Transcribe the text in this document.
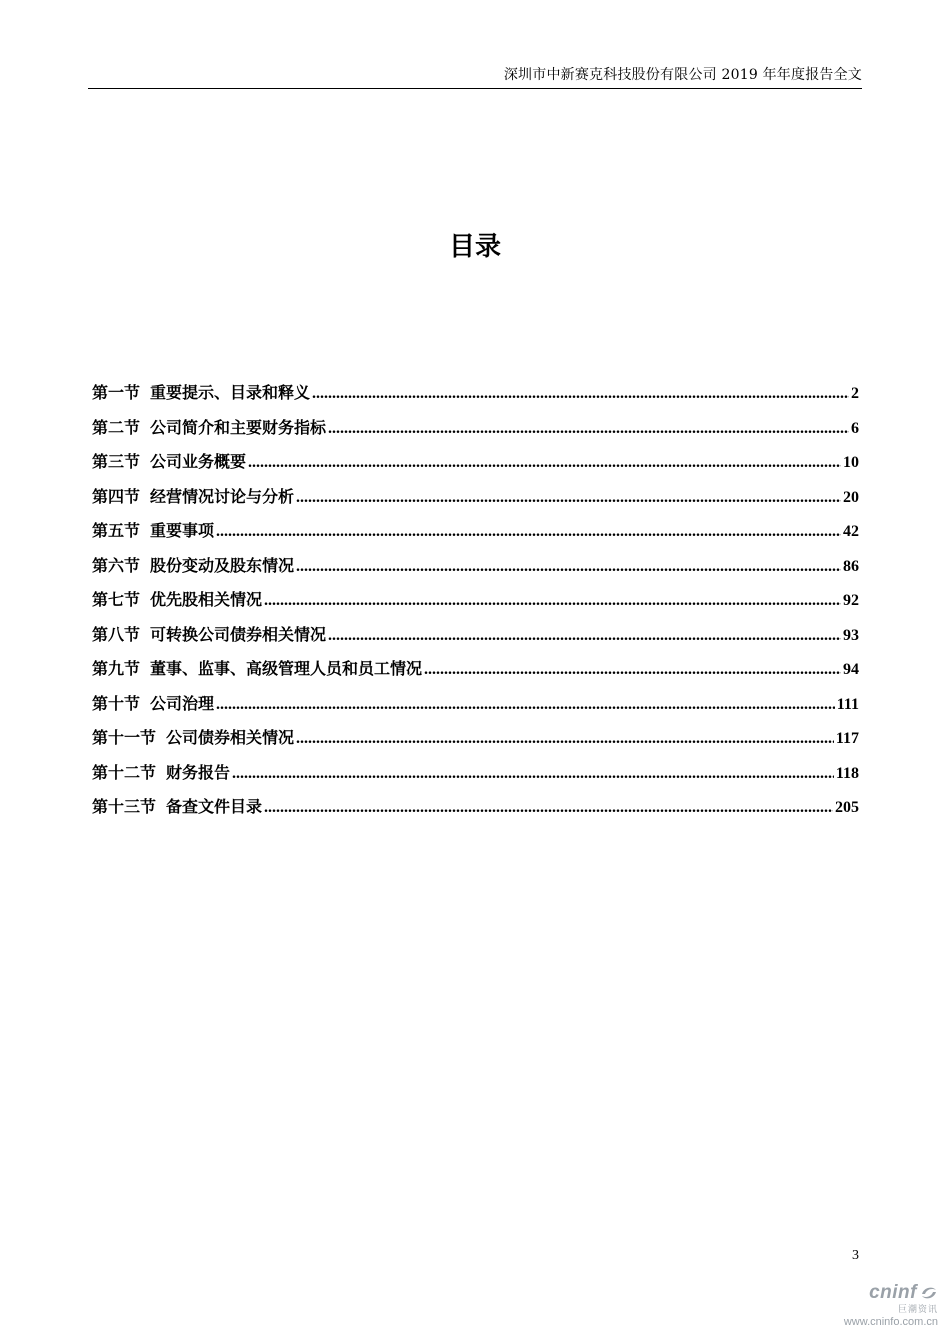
深圳市中新赛克科技股份有限公司 2019 年年度报告全文
目录
第一节 重要提示、目录和释义 .....	2
第二节 公司简介和主要财务指标 .....	6
第三节 公司业务概要 .....	10
第四节 经营情况讨论与分析 .....	20
第五节 重要事项 .....	42
第六节 股份变动及股东情况 .....	86
第七节 优先股相关情况 .....	92
第八节 可转换公司债券相关情况 .....	93
第九节 董事、监事、高级管理人员和员工情况 .....	94
第十节 公司治理 .....	111
第十一节 公司债券相关情况 .....	117
第十二节 财务报告 .....	118
第十三节 备查文件目录 .....	205
3
cninf
巨潮资讯
www.cninfo.com.cn
